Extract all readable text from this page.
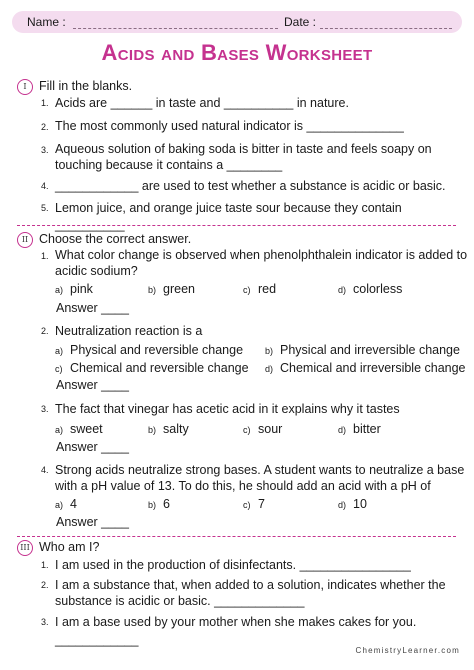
Name :	Date :
Acids and Bases Worksheet
I Fill in the blanks.
1. Acids are ______ in taste and __________ in nature.
2. The most commonly used natural indicator is ______________
3. Aqueous solution of baking soda is bitter in taste and feels soapy on
touching because it contains a ________
4. ____________ are used to test whether a substance is acidic or basic.
5. Lemon juice, and orange juice taste sour because they contain __________
II Choose the correct answer.
1. What color change is observed when phenolphthalein indicator is added to
acidic sodium?
a) pink	b) green	c) red	d) colorless
Answer ____
2. Neutralization reaction is a
a) Physical and reversible change b) Physical and irreversible change
c) Chemical and reversible change d) Chemical and irreversible change
Answer ____
3. The fact that vinegar has acetic acid in it explains why it tastes
a) sweet	b) salty	c) sour	d) bitter
Answer ____
4. Strong acids neutralize strong bases. A student wants to neutralize a base
with a pH value of 13. To do this, he should add an acid with a pH of
a) 4	b) 6	c) 7	d) 10
Answer ____
III Who am I?
1. I am used in the production of disinfectants. ________________
2. I am a substance that, when added to a solution, indicates whether the
substance is acidic or basic. _____________
3. I am a base used by your mother when she makes cakes for you.
____________
ChemistryLearner.com
